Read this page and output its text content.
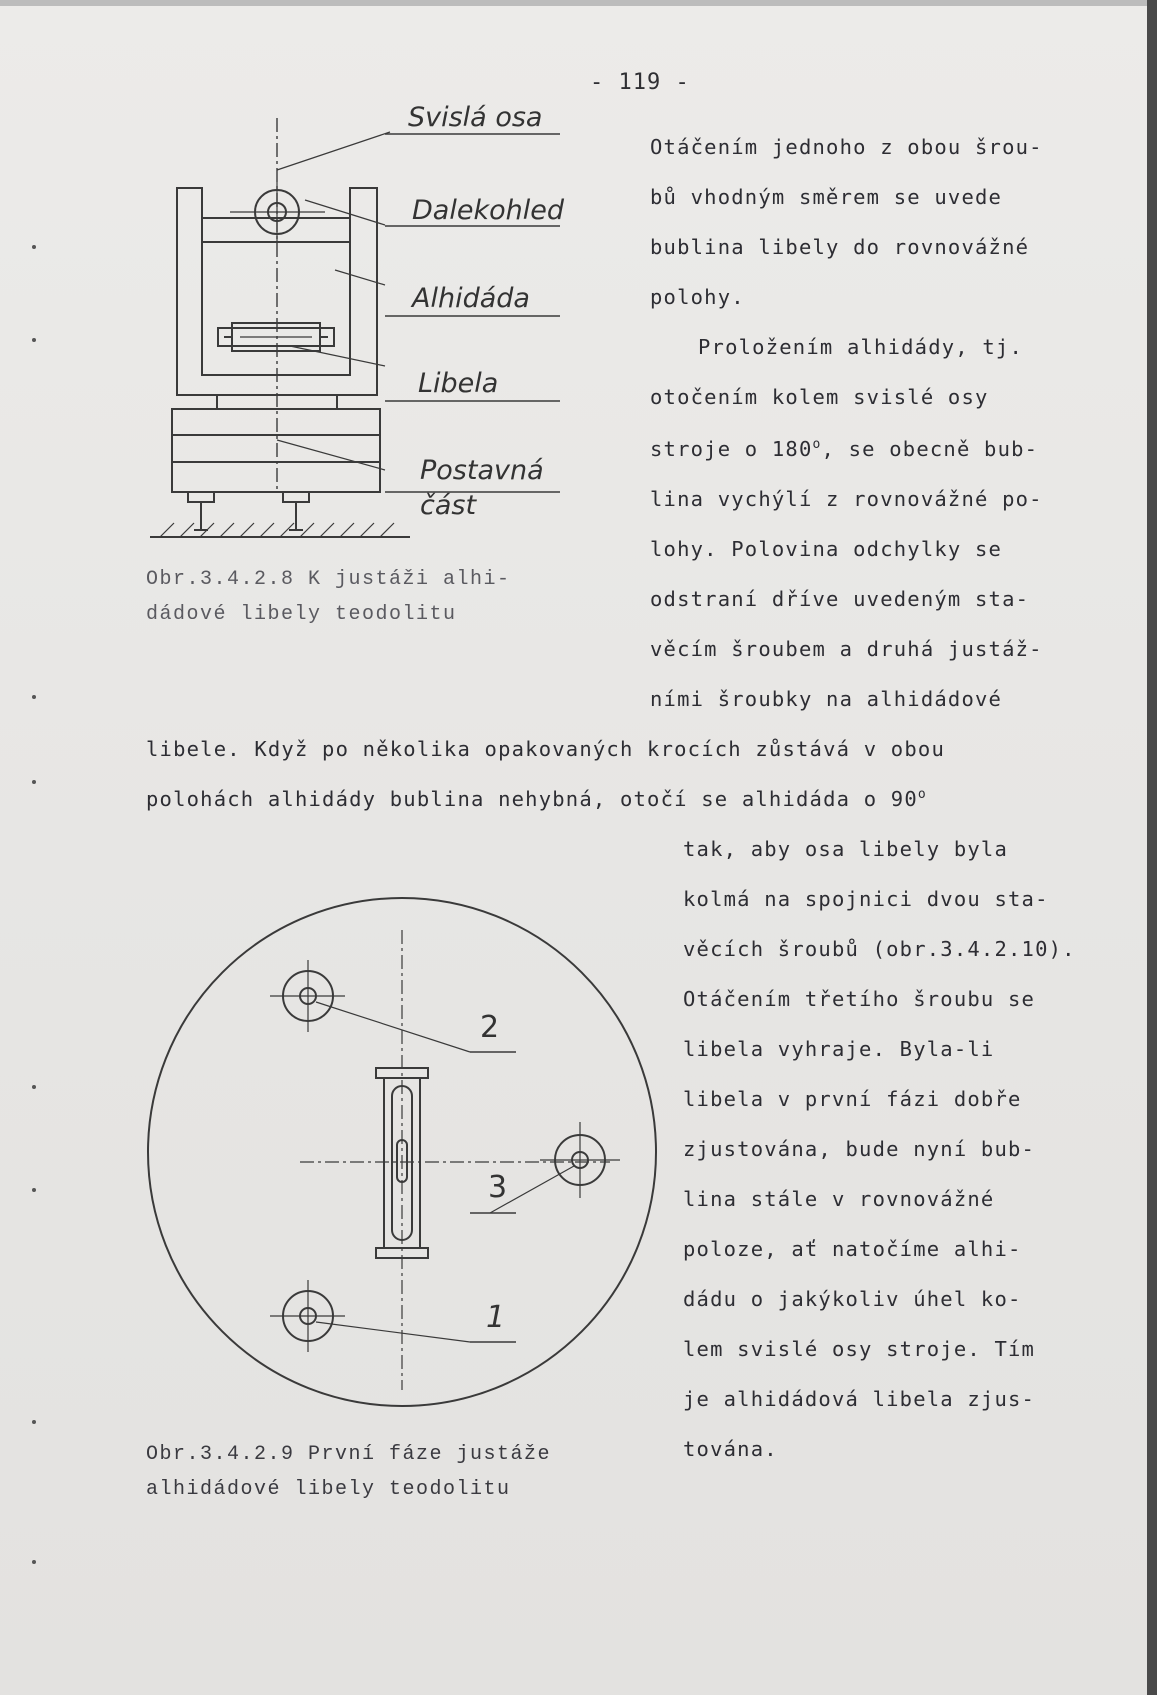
- 119 -
Svislá osa
Dalekohled
Alhidáda
Libela
Postavná
část
Obr.3.4.2.8 K justáži alhi-
dádové libely teodolitu
2
3
1
Obr.3.4.2.9 První fáze justáže
alhidádové libely teodolitu
Otáčením jednoho z obou šrou-
bů vhodným směrem se uvede
bublina libely do rovnovážné
polohy.
Proložením alhidády, tj.
otočením kolem svislé osy
stroje o 180$^o$, se obecně bub-
lina vychýlí z rovnovážné po-
lohy. Polovina odchylky se
odstraní dříve uvedeným sta-
věcím šroubem a druhá justáž-
ními šroubky na alhidádové
libele. Když po několika opakovaných krocích zůstává v obou
polohách alhidády bublina nehybná, otočí se alhidáda o 90$^o$
tak, aby osa libely byla
kolmá na spojnici dvou sta-
věcích šroubů (obr.3.4.2.10).
Otáčením třetího šroubu se
libela vyhraje. Byla-li
libela v první fázi dobře
zjustována, bude nyní bub-
lina stále v rovnovážné
poloze, ať natočíme alhi-
dádu o jakýkoliv úhel ko-
lem svislé osy stroje. Tím
je alhidádová libela zjus-
tována.
